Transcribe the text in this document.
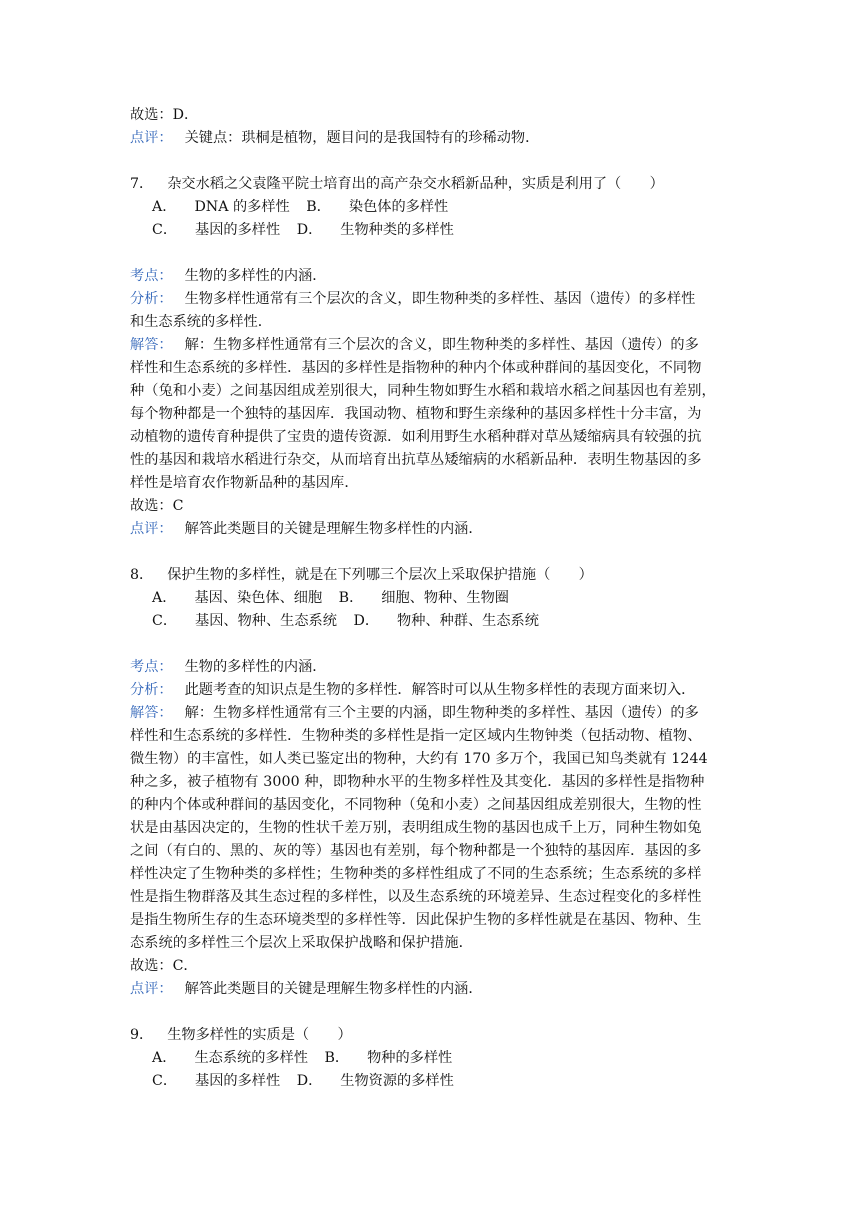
故选：D．
点评： 关键点：珙桐是植物，题目问的是我国特有的珍稀动物．
7． 杂交水稻之父袁隆平院士培育出的高产杂交水稻新品种，实质是利用了（　　）
A． DNA 的多样性 B． 染色体的多样性
C． 基因的多样性 D． 生物种类的多样性
考点： 生物的多样性的内涵．
分析： 生物多样性通常有三个层次的含义，即生物种类的多样性、基因（遗传）的多样性
和生态系统的多样性．
解答： 解：生物多样性通常有三个层次的含义，即生物种类的多样性、基因（遗传）的多
样性和生态系统的多样性．基因的多样性是指物种的种内个体或种群间的基因变化，不同物
种（兔和小麦）之间基因组成差别很大，同种生物如野生水稻和栽培水稻之间基因也有差别，
每个物种都是一个独特的基因库．我国动物、植物和野生亲缘种的基因多样性十分丰富，为
动植物的遗传育种提供了宝贵的遗传资源．如利用野生水稻种群对草丛矮缩病具有较强的抗
性的基因和栽培水稻进行杂交，从而培育出抗草丛矮缩病的水稻新品种．表明生物基因的多
样性是培育农作物新品种的基因库．
故选：C
点评： 解答此类题目的关键是理解生物多样性的内涵．
8． 保护生物的多样性，就是在下列哪三个层次上采取保护措施（　　）
A． 基因、染色体、细胞 B． 细胞、物种、生物圈
C． 基因、物种、生态系统 D． 物种、种群、生态系统
考点： 生物的多样性的内涵．
分析： 此题考查的知识点是生物的多样性．解答时可以从生物多样性的表现方面来切入．
解答： 解：生物多样性通常有三个主要的内涵，即生物种类的多样性、基因（遗传）的多
样性和生态系统的多样性．生物种类的多样性是指一定区域内生物钟类（包括动物、植物、
微生物）的丰富性，如人类已鉴定出的物种，大约有 170 多万个，我国已知鸟类就有 1244
种之多，被子植物有 3000 种，即物种水平的生物多样性及其变化．基因的多样性是指物种
的种内个体或种群间的基因变化，不同物种（兔和小麦）之间基因组成差别很大，生物的性
状是由基因决定的，生物的性状千差万别，表明组成生物的基因也成千上万，同种生物如兔
之间（有白的、黑的、灰的等）基因也有差别，每个物种都是一个独特的基因库．基因的多
样性决定了生物种类的多样性；生物种类的多样性组成了不同的生态系统；生态系统的多样
性是指生物群落及其生态过程的多样性，以及生态系统的环境差异、生态过程变化的多样性
是指生物所生存的生态环境类型的多样性等．因此保护生物的多样性就是在基因、物种、生
态系统的多样性三个层次上采取保护战略和保护措施．
故选：C．
点评： 解答此类题目的关键是理解生物多样性的内涵．
9． 生物多样性的实质是（　　）
A． 生态系统的多样性 B． 物种的多样性
C． 基因的多样性 D． 生物资源的多样性
